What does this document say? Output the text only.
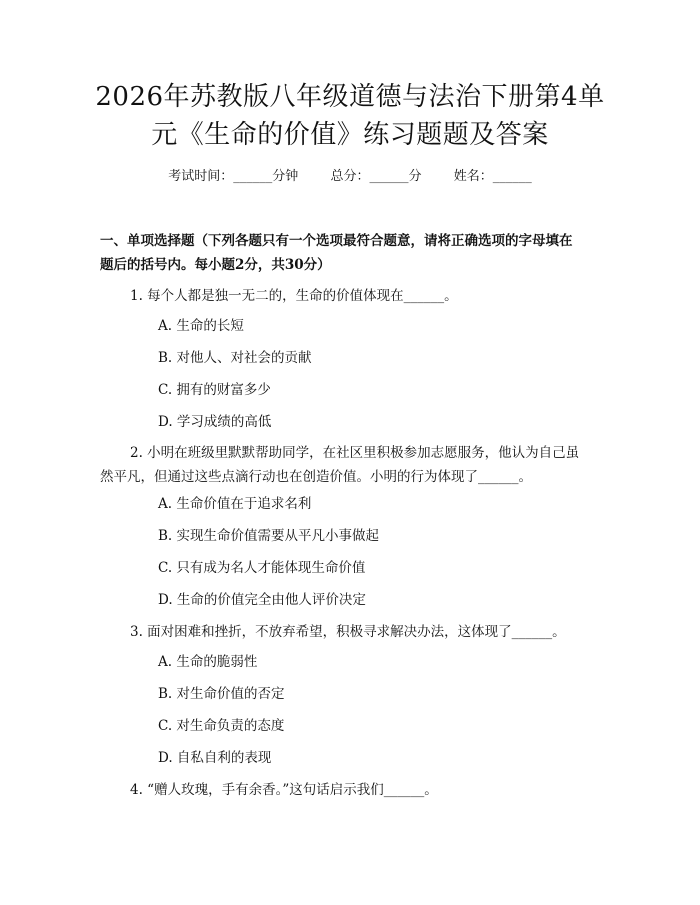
2026年苏教版八年级道德与法治下册第4单
元《生命的价值》练习题题及答案
考试时间：______分钟 总分：______分 姓名：______
一、单项选择题（下列各题只有一个选项最符合题意，请将正确选项的字母填在
题后的括号内。每小题2分，共30分）
1. 每个人都是独一无二的，生命的价值体现在______。
A. 生命的长短
B. 对他人、对社会的贡献
C. 拥有的财富多少
D. 学习成绩的高低
2. 小明在班级里默默帮助同学，在社区里积极参加志愿服务，他认为自己虽
然平凡，但通过这些点滴行动也在创造价值。小明的行为体现了______。
A. 生命价值在于追求名利
B. 实现生命价值需要从平凡小事做起
C. 只有成为名人才能体现生命价值
D. 生命的价值完全由他人评价决定
3. 面对困难和挫折，不放弃希望，积极寻求解决办法，这体现了______。
A. 生命的脆弱性
B. 对生命价值的否定
C. 对生命负责的态度
D. 自私自利的表现
4. “赠人玫瑰，手有余香。”这句话启示我们______。
